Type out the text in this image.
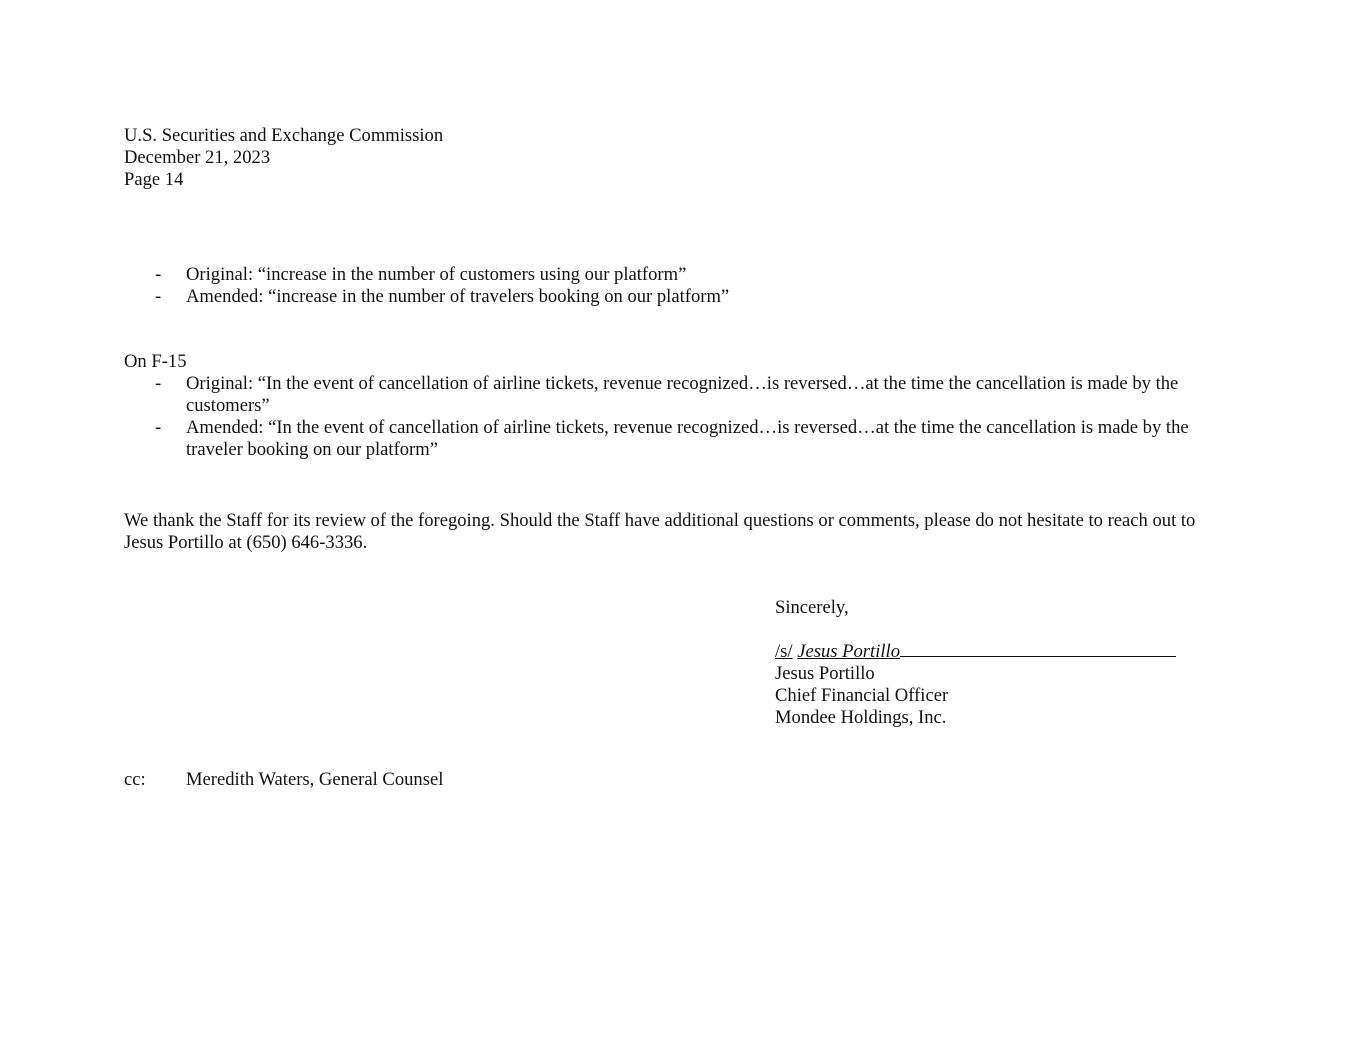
U.S. Securities and Exchange Commission
December 21, 2023
Page 14
- Original: “increase in the number of customers using our platform”
- Amended: “increase in the number of travelers booking on our platform”
On F-15
- Original: “In the event of cancellation of airline tickets, revenue recognized…is reversed…at the time the cancellation is made by the
customers”
- Amended: “In the event of cancellation of airline tickets, revenue recognized…is reversed…at the time the cancellation is made by the
traveler booking on our platform”
We thank the Staff for its review of the foregoing. Should the Staff have additional questions or comments, please do not hesitate to reach out to
Jesus Portillo at (650) 646-3336.
Sincerely,
/s/ Jesus Portillo
Jesus Portillo
Chief Financial Officer
Mondee Holdings, Inc.
cc: Meredith Waters, General Counsel
